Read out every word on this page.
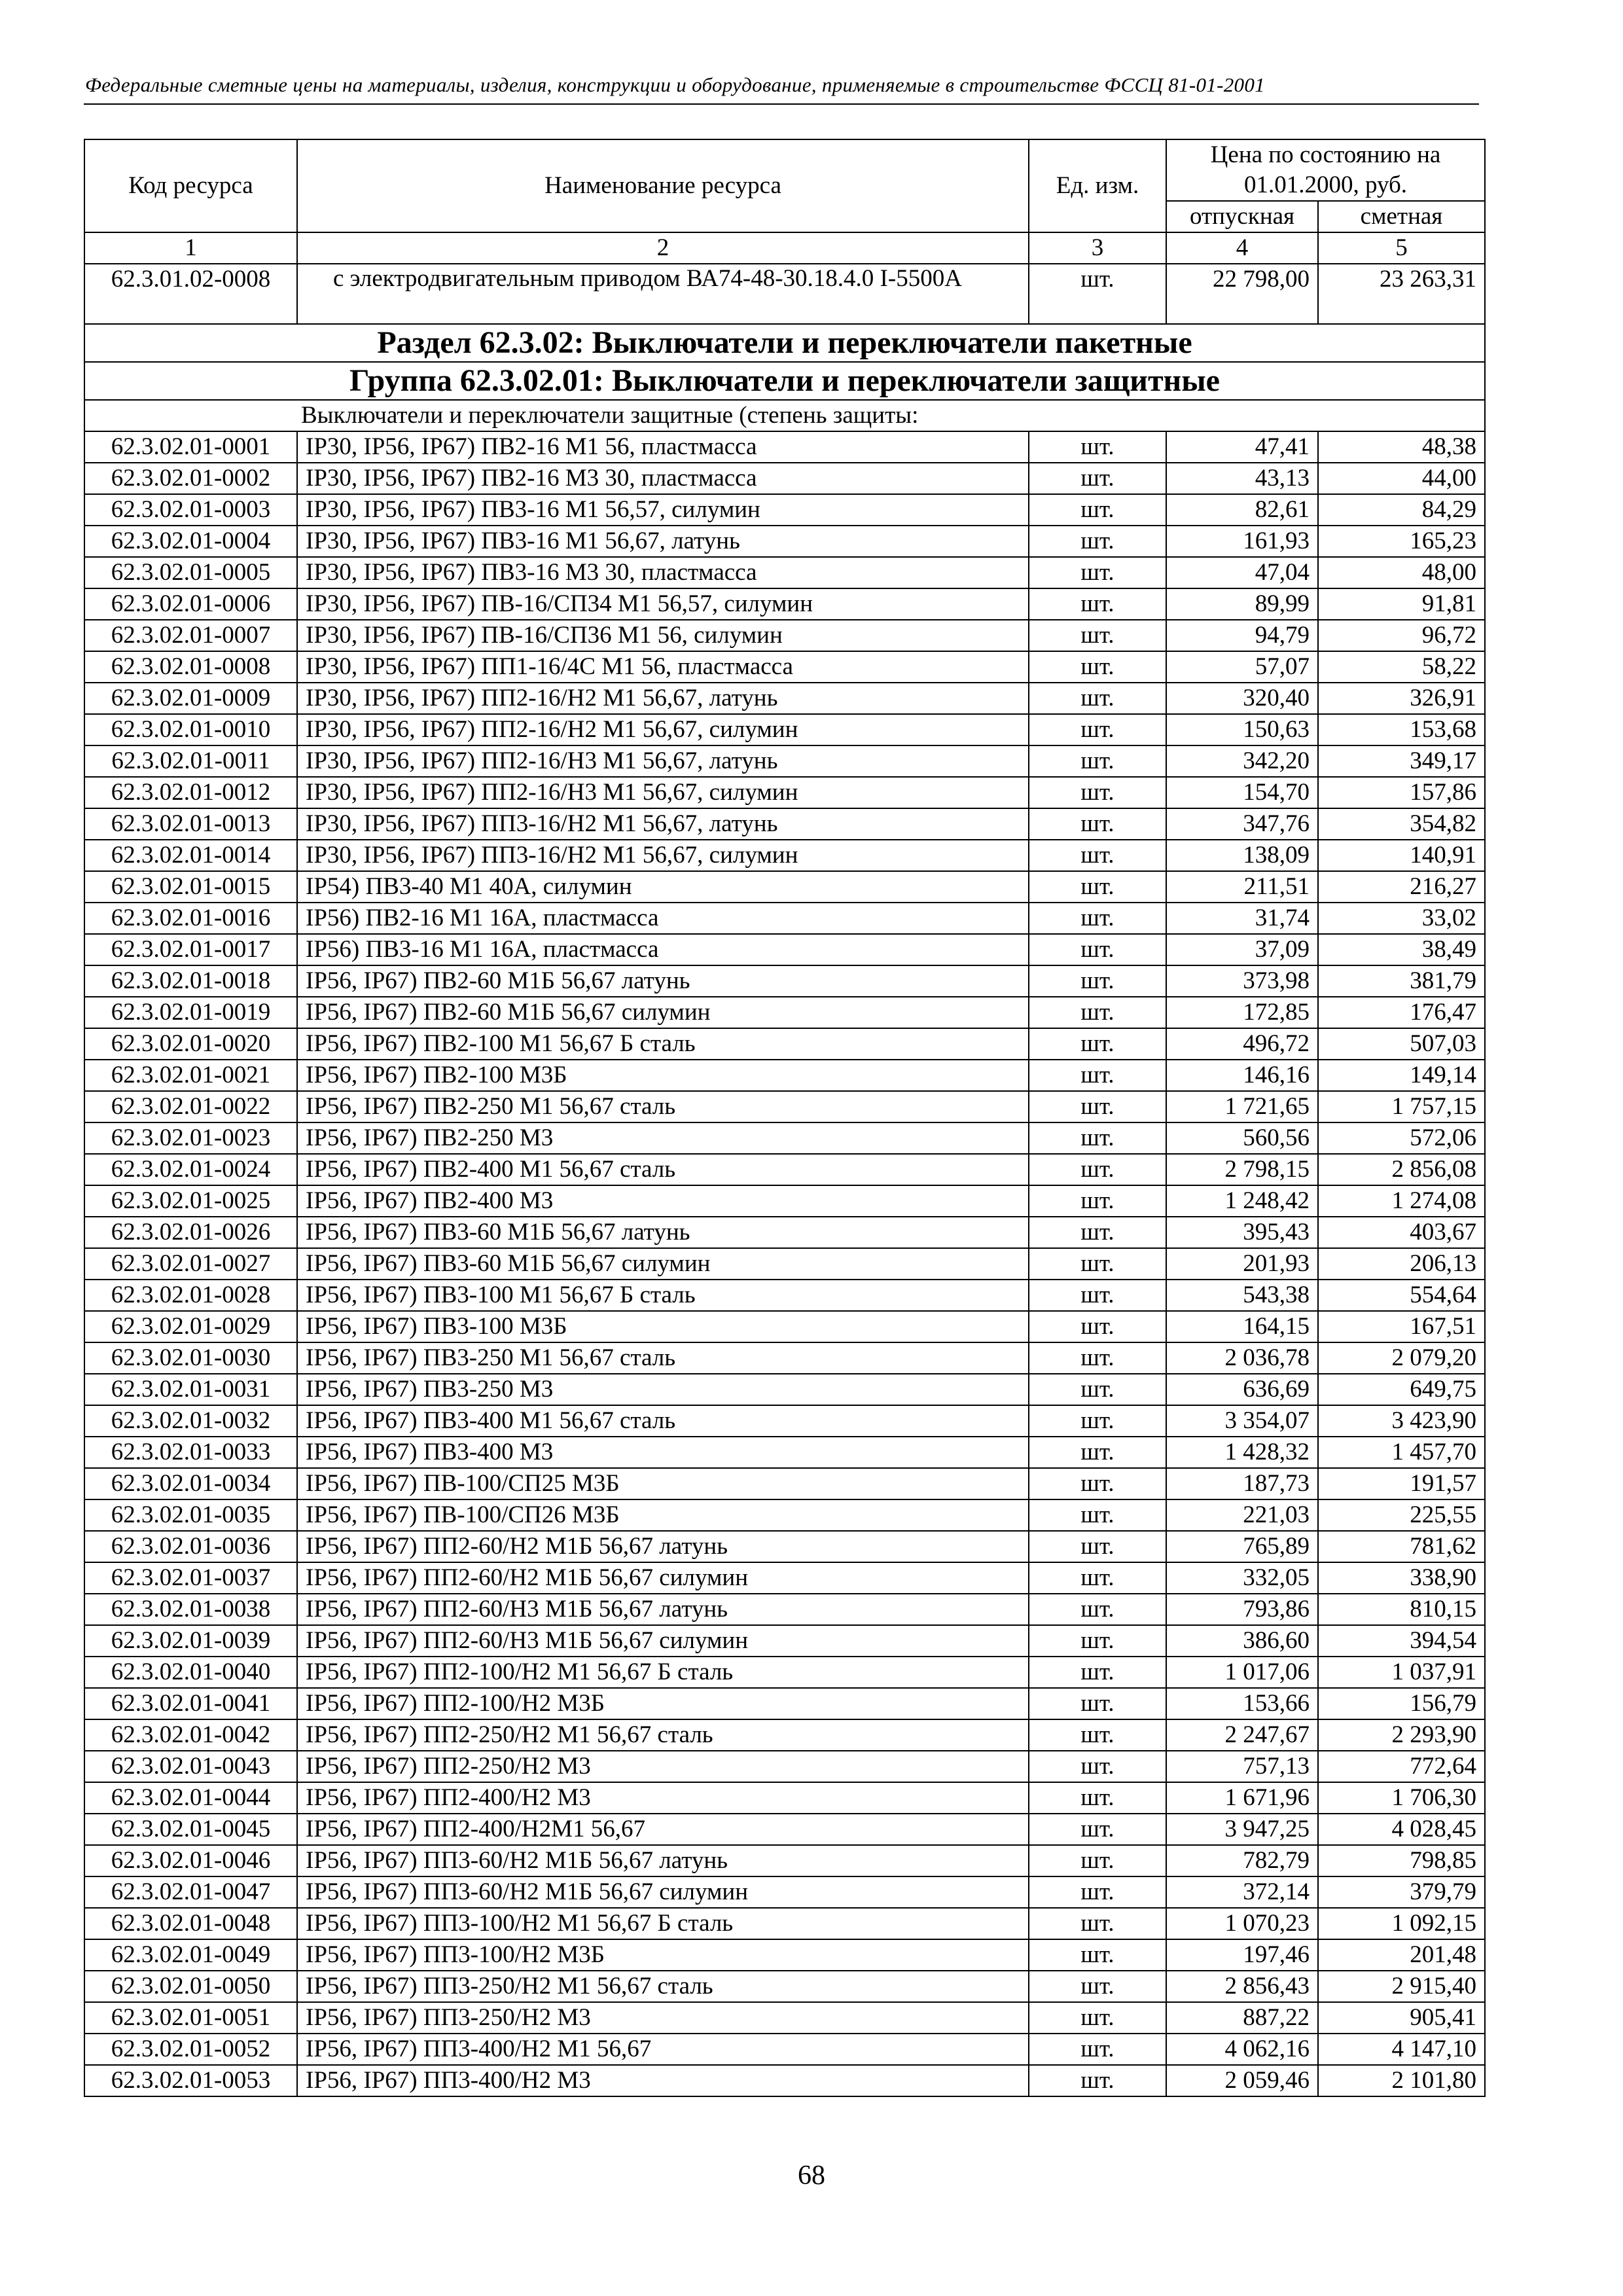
Федеральные сметные цены на материалы, изделия, конструкции и оборудование, применяемые в строительстве ФССЦ 81-01-2001
Код ресурса	Наименование ресурса	Ед. изм.	Цена по состоянию на 01.01.2000, руб.	
			отпускная	сметная
1	2	3	4	5
62.3.01.02-0008	с электродвигательным приводом ВА74-48-30.18.4.0 I-5500А	шт.	22 798,00	23 263,31
Раздел 62.3.02: Выключатели и переключатели пакетные				
Группа 62.3.02.01: Выключатели и переключатели защитные				
Выключатели и переключатели защитные (степень защиты:				
62.3.02.01-0001	IP30, IP56, IP67) ПВ2-16 М1 56, пластмасса	шт.	47,41	48,38
62.3.02.01-0002	IP30, IP56, IP67) ПВ2-16 М3 30, пластмасса	шт.	43,13	44,00
62.3.02.01-0003	IP30, IP56, IP67) ПВ3-16 М1 56,57, силумин	шт.	82,61	84,29
62.3.02.01-0004	IP30, IP56, IP67) ПВ3-16 М1 56,67, латунь	шт.	161,93	165,23
62.3.02.01-0005	IP30, IP56, IP67) ПВ3-16 М3 30, пластмасса	шт.	47,04	48,00
62.3.02.01-0006	IP30, IP56, IP67) ПВ-16/СП34 М1 56,57, силумин	шт.	89,99	91,81
62.3.02.01-0007	IP30, IP56, IP67) ПВ-16/СП36 М1 56, силумин	шт.	94,79	96,72
62.3.02.01-0008	IP30, IP56, IP67) ПП1-16/4С М1 56, пластмасса	шт.	57,07	58,22
62.3.02.01-0009	IP30, IP56, IP67) ПП2-16/Н2 М1 56,67, латунь	шт.	320,40	326,91
62.3.02.01-0010	IP30, IP56, IP67) ПП2-16/Н2 М1 56,67, силумин	шт.	150,63	153,68
62.3.02.01-0011	IP30, IP56, IP67) ПП2-16/Н3 М1 56,67, латунь	шт.	342,20	349,17
62.3.02.01-0012	IP30, IP56, IP67) ПП2-16/Н3 М1 56,67, силумин	шт.	154,70	157,86
62.3.02.01-0013	IP30, IP56, IP67) ПП3-16/Н2 М1 56,67, латунь	шт.	347,76	354,82
62.3.02.01-0014	IP30, IP56, IP67) ПП3-16/Н2 М1 56,67, силумин	шт.	138,09	140,91
62.3.02.01-0015	IP54) ПВ3-40 М1 40А, силумин	шт.	211,51	216,27
62.3.02.01-0016	IP56) ПВ2-16 М1 16А, пластмасса	шт.	31,74	33,02
62.3.02.01-0017	IP56) ПВ3-16 М1 16А, пластмасса	шт.	37,09	38,49
62.3.02.01-0018	IP56, IP67) ПВ2-60 М1Б 56,67 латунь	шт.	373,98	381,79
62.3.02.01-0019	IP56, IP67) ПВ2-60 М1Б 56,67 силумин	шт.	172,85	176,47
62.3.02.01-0020	IP56, IP67) ПВ2-100 М1 56,67 Б сталь	шт.	496,72	507,03
62.3.02.01-0021	IP56, IP67) ПВ2-100 М3Б	шт.	146,16	149,14
62.3.02.01-0022	IP56, IP67) ПВ2-250 М1 56,67 сталь	шт.	1 721,65	1 757,15
62.3.02.01-0023	IP56, IP67) ПВ2-250 М3	шт.	560,56	572,06
62.3.02.01-0024	IP56, IP67) ПВ2-400 М1 56,67 сталь	шт.	2 798,15	2 856,08
62.3.02.01-0025	IP56, IP67) ПВ2-400 М3	шт.	1 248,42	1 274,08
62.3.02.01-0026	IP56, IP67) ПВ3-60 М1Б 56,67 латунь	шт.	395,43	403,67
62.3.02.01-0027	IP56, IP67) ПВ3-60 М1Б 56,67 силумин	шт.	201,93	206,13
62.3.02.01-0028	IP56, IP67) ПВ3-100 М1 56,67 Б сталь	шт.	543,38	554,64
62.3.02.01-0029	IP56, IP67) ПВ3-100 М3Б	шт.	164,15	167,51
62.3.02.01-0030	IP56, IP67) ПВ3-250 М1 56,67 сталь	шт.	2 036,78	2 079,20
62.3.02.01-0031	IP56, IP67) ПВ3-250 М3	шт.	636,69	649,75
62.3.02.01-0032	IP56, IP67) ПВ3-400 М1 56,67 сталь	шт.	3 354,07	3 423,90
62.3.02.01-0033	IP56, IP67) ПВ3-400 М3	шт.	1 428,32	1 457,70
62.3.02.01-0034	IP56, IP67) ПВ-100/СП25 М3Б	шт.	187,73	191,57
62.3.02.01-0035	IP56, IP67) ПВ-100/СП26 М3Б	шт.	221,03	225,55
62.3.02.01-0036	IP56, IP67) ПП2-60/Н2 М1Б 56,67 латунь	шт.	765,89	781,62
62.3.02.01-0037	IP56, IP67) ПП2-60/Н2 М1Б 56,67 силумин	шт.	332,05	338,90
62.3.02.01-0038	IP56, IP67) ПП2-60/Н3 М1Б 56,67 латунь	шт.	793,86	810,15
62.3.02.01-0039	IP56, IP67) ПП2-60/Н3 М1Б 56,67 силумин	шт.	386,60	394,54
62.3.02.01-0040	IP56, IP67) ПП2-100/Н2 М1 56,67 Б сталь	шт.	1 017,06	1 037,91
62.3.02.01-0041	IP56, IP67) ПП2-100/Н2 М3Б	шт.	153,66	156,79
62.3.02.01-0042	IP56, IP67) ПП2-250/Н2 М1 56,67 сталь	шт.	2 247,67	2 293,90
62.3.02.01-0043	IP56, IP67) ПП2-250/Н2 М3	шт.	757,13	772,64
62.3.02.01-0044	IP56, IP67) ПП2-400/Н2 М3	шт.	1 671,96	1 706,30
62.3.02.01-0045	IP56, IP67) ПП2-400/Н2М1 56,67	шт.	3 947,25	4 028,45
62.3.02.01-0046	IP56, IP67) ПП3-60/Н2 М1Б 56,67 латунь	шт.	782,79	798,85
62.3.02.01-0047	IP56, IP67) ПП3-60/Н2 М1Б 56,67 силумин	шт.	372,14	379,79
62.3.02.01-0048	IP56, IP67) ПП3-100/Н2 М1 56,67 Б сталь	шт.	1 070,23	1 092,15
62.3.02.01-0049	IP56, IP67) ПП3-100/Н2 М3Б	шт.	197,46	201,48
62.3.02.01-0050	IP56, IP67) ПП3-250/Н2 М1 56,67 сталь	шт.	2 856,43	2 915,40
62.3.02.01-0051	IP56, IP67) ПП3-250/Н2 М3	шт.	887,22	905,41
62.3.02.01-0052	IP56, IP67) ПП3-400/Н2 М1 56,67	шт.	4 062,16	4 147,10
62.3.02.01-0053	IP56, IP67) ПП3-400/Н2 М3	шт.	2 059,46	2 101,80
68
